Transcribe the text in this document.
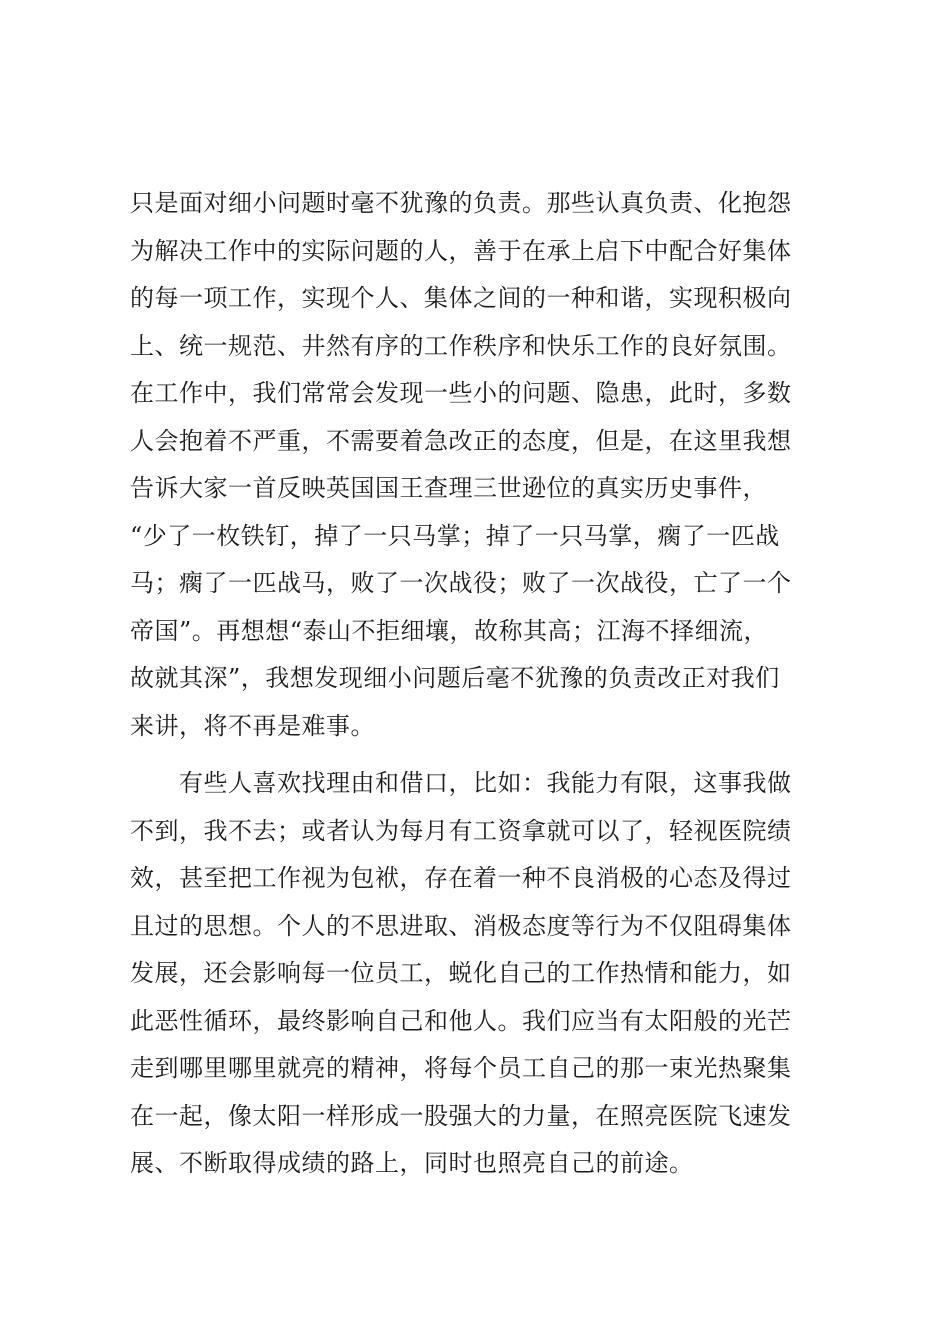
只是面对细小问题时毫不犹豫的负责。那些认真负责、化抱怨
为解决工作中的实际问题的人，善于在承上启下中配合好集体
的每一项工作，实现个人、集体之间的一种和谐，实现积极向
上、统一规范、井然有序的工作秩序和快乐工作的良好氛围。
在工作中，我们常常会发现一些小的问题、隐患，此时，多数
人会抱着不严重，不需要着急改正的态度，但是，在这里我想
告诉大家一首反映英国国王查理三世逊位的真实历史事件，
“少了一枚铁钉，掉了一只马掌；掉了一只马掌，瘸了一匹战
马；瘸了一匹战马，败了一次战役；败了一次战役，亡了一个
帝国”。再想想“泰山不拒细壤，故称其高；江海不择细流，
故就其深”，我想发现细小问题后毫不犹豫的负责改正对我们
来讲，将不再是难事。
　　有些人喜欢找理由和借口，比如：我能力有限，这事我做
不到，我不去；或者认为每月有工资拿就可以了，轻视医院绩
效，甚至把工作视为包袱，存在着一种不良消极的心态及得过
且过的思想。个人的不思进取、消极态度等行为不仅阻碍集体
发展，还会影响每一位员工，蜕化自己的工作热情和能力，如
此恶性循环，最终影响自己和他人。我们应当有太阳般的光芒
走到哪里哪里就亮的精神，将每个员工自己的那一束光热聚集
在一起，像太阳一样形成一股强大的力量，在照亮医院飞速发
展、不断取得成绩的路上，同时也照亮自己的前途。
